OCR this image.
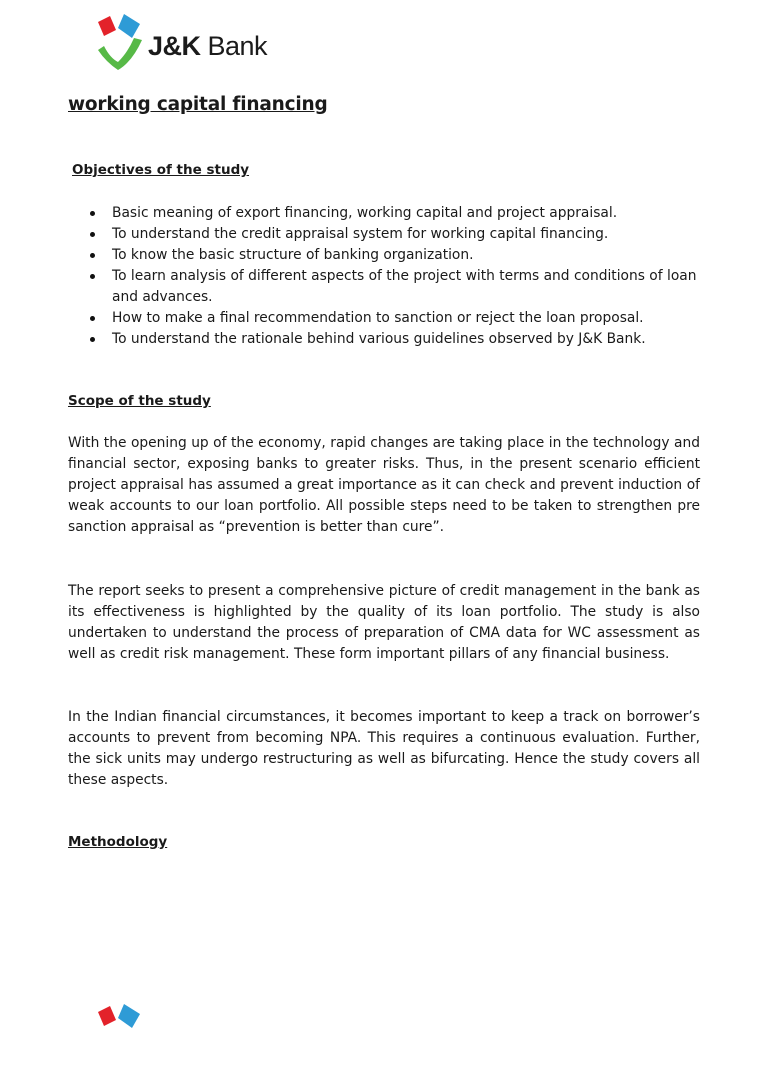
J&K Bank
working capital financing
Objectives of the study
Basic meaning of export financing, working capital and project appraisal.
To understand the credit appraisal system for working capital financing.
To know the basic structure of banking organization.
To learn analysis of different aspects of the project with terms and conditions of loan and advances.
How to make a final recommendation to sanction or reject the loan proposal.
To understand the rationale behind various guidelines observed by J&K Bank.
Scope of the study

With the opening up of the economy, rapid changes are taking place in the technology and financial sector, exposing banks to greater risks. Thus, in the present scenario efficient project appraisal has assumed a great importance as it can check and prevent induction of weak accounts to our loan portfolio. All possible steps need to be taken to strengthen pre sanction appraisal as “prevention is better than cure”.

The report seeks to present a comprehensive picture of credit management in the bank as its effectiveness is highlighted by the quality of its loan portfolio. The study is also undertaken to understand the process of preparation of CMA data for WC assessment as well as credit risk management. These form important pillars of any financial business.

In the Indian financial circumstances, it becomes important to keep a track on borrower’s accounts to prevent from becoming NPA. This requires a continuous evaluation. Further, the sick units may undergo restructuring as well as bifurcating. Hence the study covers all these aspects.

Methodology
